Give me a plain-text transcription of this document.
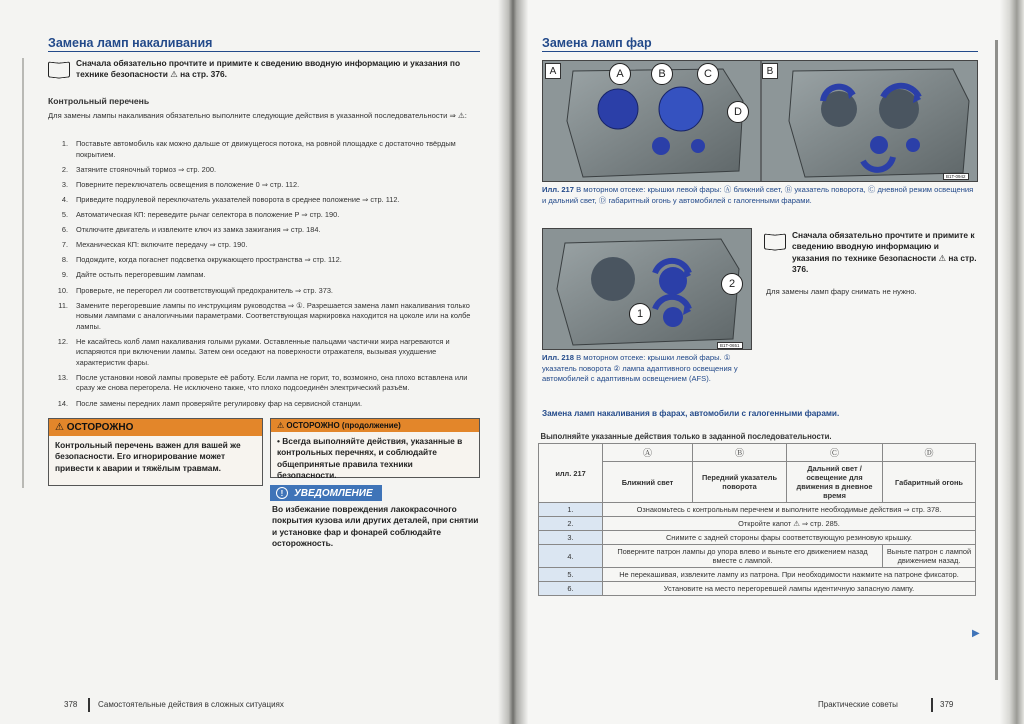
Замена ламп накаливания
Сначала обязательно прочтите и примите к сведению вводную информацию и указания по технике безопасности ⚠ на стр. 376.
Контрольный перечень
Для замены лампы накаливания обязательно выполните следующие действия в указанной последовательности ⇒ ⚠:
1.	Поставьте автомобиль как можно дальше от движущегося потока, на ровной площадке с достаточно твёрдым покрытием.
2.	Затяните стояночный тормоз ⇒ стр. 200.
3.	Поверните переключатель освещения в положение 0 ⇒ стр. 112.
4.	Приведите подрулевой переключатель указателей поворота в среднее положение ⇒ стр. 112.
5.	Автоматическая КП: переведите рычаг селектора в положение P ⇒ стр. 190.
6.	Отключите двигатель и извлеките ключ из замка зажигания ⇒ стр. 184.
7.	Механическая КП: включите передачу ⇒ стр. 190.
8.	Подождите, когда погаснет подсветка окружающего пространства ⇒ стр. 112.
9.	Дайте остыть перегоревшим лампам.
10.	Проверьте, не перегорел ли соответствующий предохранитель ⇒ стр. 373.
11.	Замените перегоревшие лампы по инструкциям руководства ⇒ ①. Разрешается замена ламп накаливания только новыми лампами с аналогичными параметрами. Соответствующая маркировка находится на цоколе или на колбе лампы.
12.	Не касайтесь колб ламп накаливания голыми руками. Оставленные пальцами частички жира нагреваются и испаряются при включении лампы. Затем они оседают на поверхности отражателя, вызывая ухудшение характеристик фары.
13.	После установки новой лампы проверьте её работу. Если лампа не горит, то, возможно, она плохо вставлена или сразу же снова перегорела. Не исключено также, что плохо подсоединён электрический разъём.
14.	После замены передних ламп проверяйте регулировку фар на сервисной станции.
⚠ ОСТОРОЖНО
Контрольный перечень важен для вашей же безопасности. Его игнорирование может привести к аварии и тяжёлым травмам.
⚠ ОСТОРОЖНО (продолжение)
• Всегда выполняйте действия, указанные в контрольных перечнях, и соблюдайте общепринятые правила техники безопасности.
!	УВЕДОМЛЕНИЕ
Во избежание повреждения лакокрасочного покрытия кузова или других деталей, при снятии и установке фар и фонарей соблюдайте осторожность.
378	Самостоятельные действия в сложных ситуациях
Замена ламп фар
A	B
A	B	C
D
B1T-0942
Илл. 217 В моторном отсеке: крышки левой фары: Ⓐ ближний свет, Ⓑ указатель поворота, Ⓒ дневной режим освещения и дальний свет, Ⓓ габаритный огонь у автомобилей с галогенными фарами.
2
1
B1T-0651
Илл. 218 В моторном отсеке: крышки левой фары. ① указатель поворота ② лампа адаптивного освещения у автомобилей с адаптивным освещением (AFS).
Сначала обязательно прочтите и примите к сведению вводную информацию и указания по технике безопасности ⚠ на стр. 376.
Для замены ламп фару снимать не нужно.
Замена ламп накаливания в фарах, автомобили с галогенными фарами.
Выполняйте указанные действия только в заданной последовательности.				
илл. 217	Ⓐ	Ⓑ	Ⓒ	Ⓓ
	Ближний свет	Передний указатель поворота	Дальний свет / освещение для движения в дневное время	Габаритный огонь
1.	Ознакомьтесь с контрольным перечнем и выполните необходимые действия ⇒ стр. 378.			
2.	Откройте капот ⚠ ⇒ стр. 285.			
3.	Снимите с задней стороны фары соответствующую резиновую крышку.			
4.	Поверните патрон лампы до упора влево и выньте его движением назад вместе с лампой.			Выньте патрон с лампой движением назад.
5.	Не перекашивая, извлеките лампу из патрона. При необходимости нажмите на патроне фиксатор.			
6.	Установите на место перегоревшей лампы идентичную запасную лампу.			
▶
Практические советы	379
